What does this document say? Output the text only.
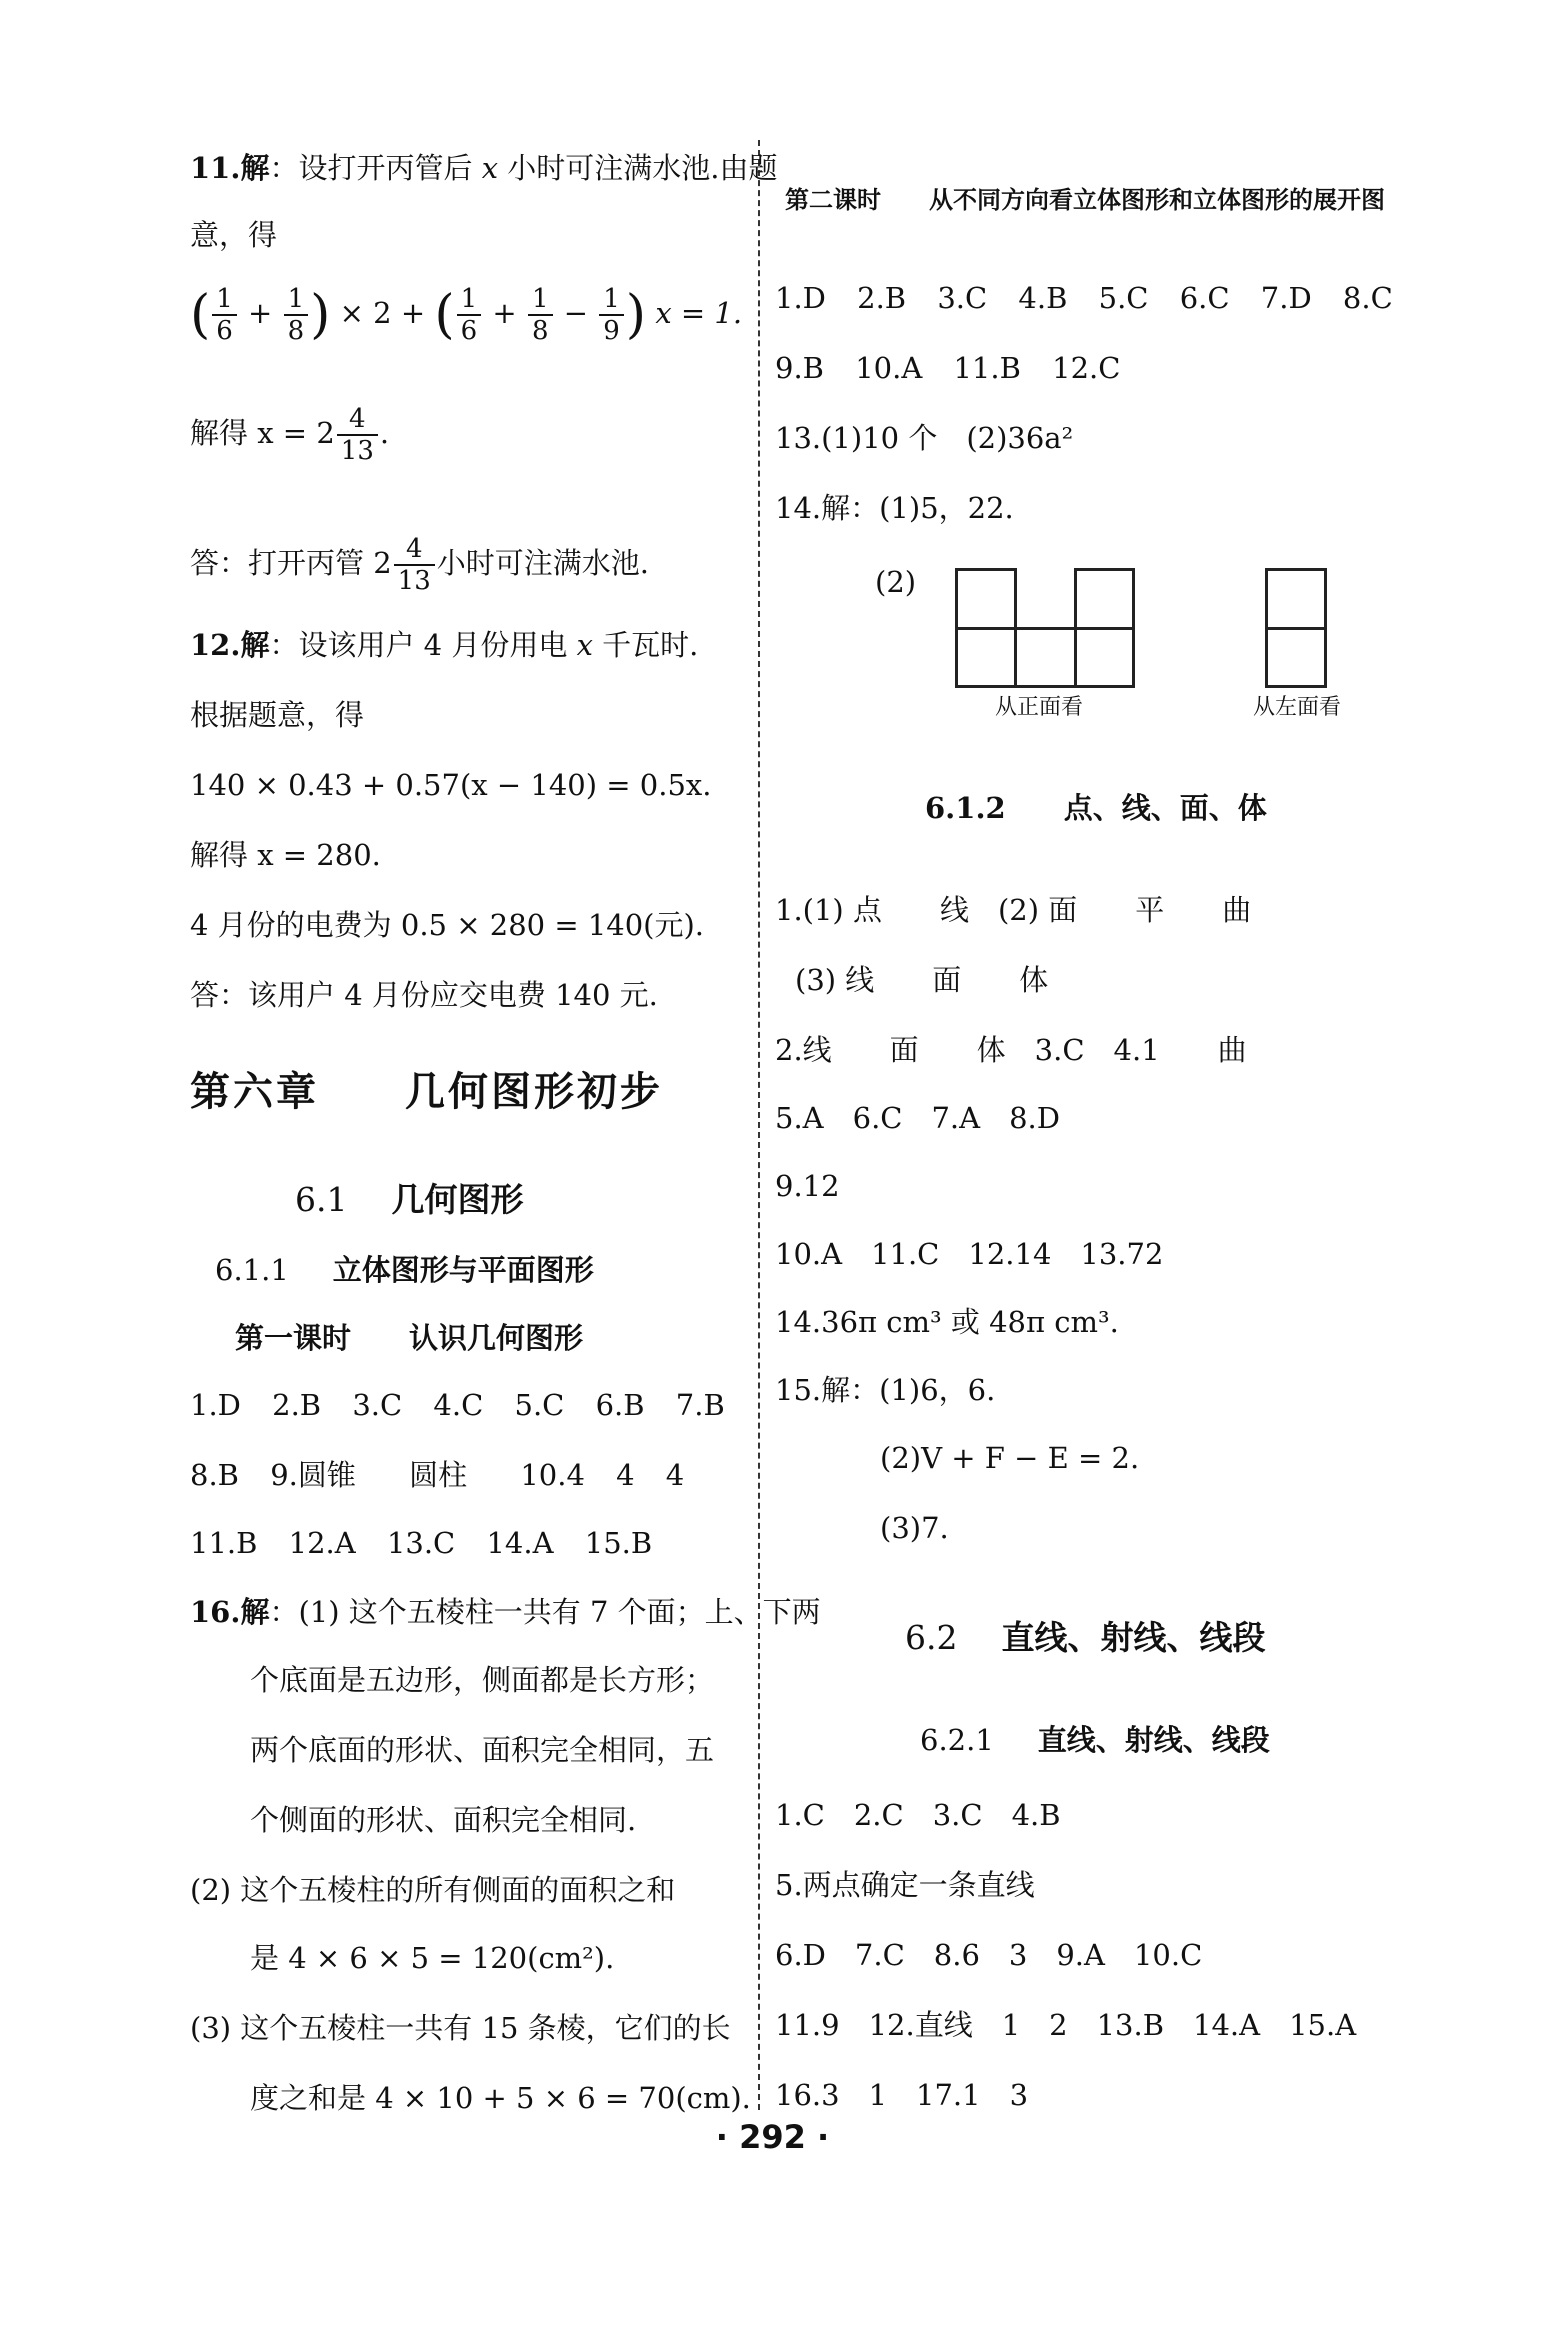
11.解：设打开丙管后 x 小时可注满水池.由题
意，得
( $\frac{1}{6} + \frac{1}{8}$ ) × 2 + ( $\frac{1}{6} + \frac{1}{8} - \frac{1}{9}$ ) x = 1.
解得 $x = 2 \frac{4}{13}$ .
答：打开丙管 $2 \frac{4}{13}$ 小时可注满水池.
12.解：设该用户 4 月份用电 x 千瓦时.
根据题意，得
140 × 0.43 + 0.57(x − 140) = 0.5x.
解得 x = 280.
4 月份的电费为 0.5 × 280 = 140(元).
答：该用户 4 月份应交电费 140 元.
第六章　　几何图形初步
6.1 几何图形
6.1.1 立体图形与平面图形
第一课时　　认识几何图形
1.D 2.B 3.C 4.C 5.C 6.B 7.B
8.B 9.圆锥 圆柱 10.4 4 4
11.B 12.A 13.C 14.A 15.B
16.解：(1) 这个五棱柱一共有 7 个面；上、下两
个底面是五边形，侧面都是长方形；
两个底面的形状、面积完全相同，五
个侧面的形状、面积完全相同.
(2) 这个五棱柱的所有侧面的面积之和
是 4 × 6 × 5 = 120(cm²).
(3) 这个五棱柱一共有 15 条棱，它们的长
度之和是 4 × 10 + 5 × 6 = 70(cm).
第二课时　　从不同方向看立体图形和立体图形的展开图
1.D 2.B 3.C 4.B 5.C 6.C 7.D 8.C
9.B 10.A 11.B 12.C
13.(1)10 个　(2)36a²
14.解：(1)5，22.
(2)
从正面看	从左面看
6.1.2　　点、线、面、体
1.(1) 点　　线　(2) 面　　平　　曲
(3) 线　　面　　体
2.线　　面　　体　3.C　4.1　　曲
5.A　6.C　7.A　8.D
9.12
10.A　11.C　12.14　13.72
14.36π cm³ 或 48π cm³.
15.解：(1)6，6.
(2)V + F − E = 2.
(3)7.
6.2 直线、射线、线段
6.2.1 直线、射线、线段
1.C　2.C　3.C　4.B
5.两点确定一条直线
6.D　7.C　8.6　3　9.A　10.C
11.9　12.直线　1　2　13.B　14.A　15.A
16.3　1　17.1　3
· 292 ·
